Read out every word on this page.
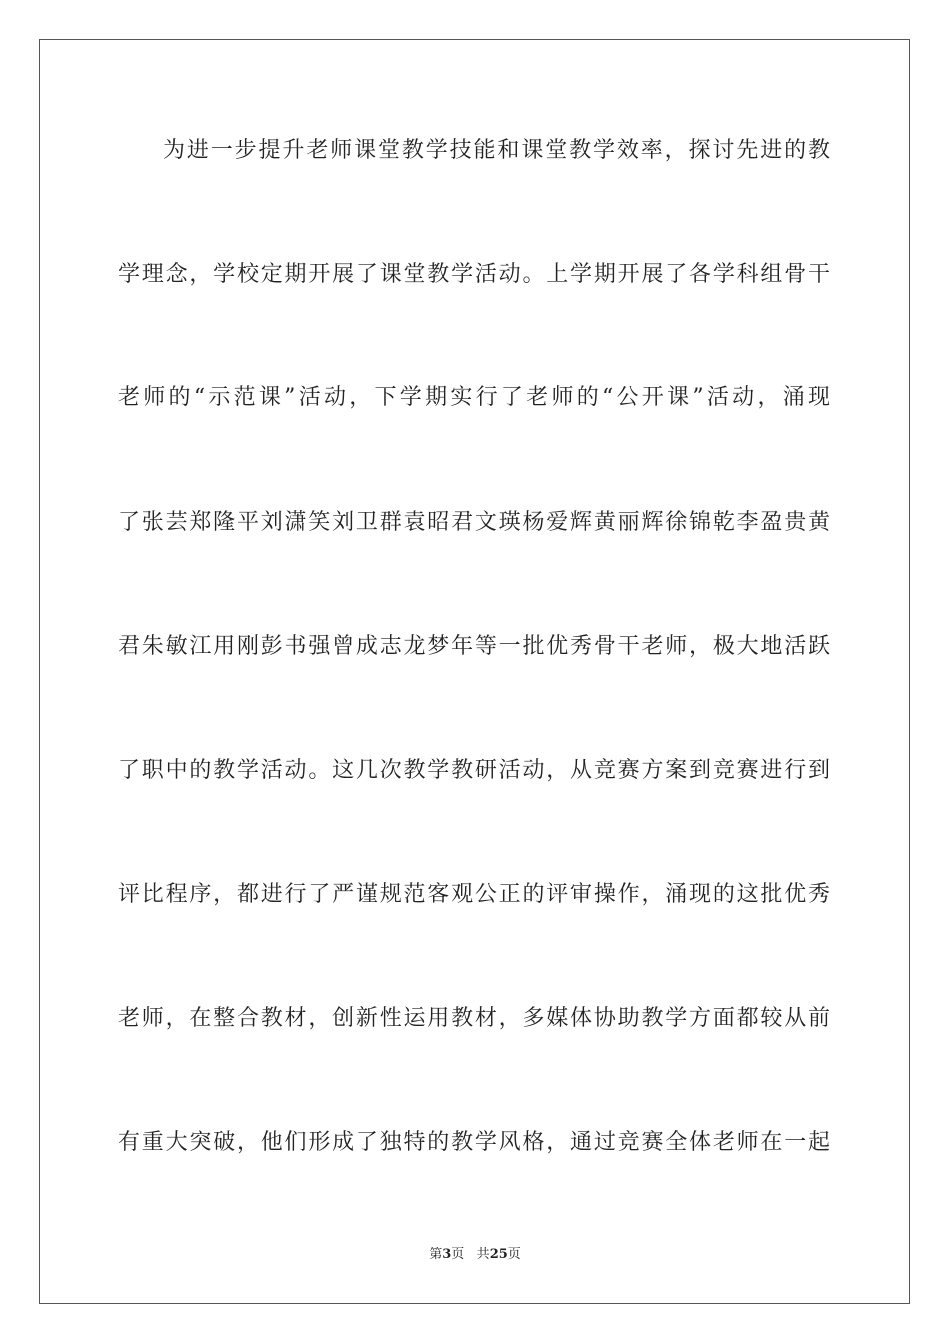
为进一步提升老师课堂教学技能和课堂教学效率，探讨先进的教
学理念，学校定期开展了课堂教学活动。上学期开展了各学科组骨干
老师的“示范课”活动，下学期实行了老师的“公开课”活动，涌现
了张芸郑隆平刘潇笑刘卫群袁昭君文瑛杨爱辉黄丽辉徐锦乾李盈贵黄
君朱敏江用刚彭书强曾成志龙梦年等一批优秀骨干老师，极大地活跃
了职中的教学活动。这几次教学教研活动，从竞赛方案到竞赛进行到
评比程序，都进行了严谨规范客观公正的评审操作，涌现的这批优秀
老师，在整合教材，创新性运用教材，多媒体协助教学方面都较从前
有重大突破，他们形成了独特的教学风格，通过竞赛全体老师在一起
第3页 共25页
